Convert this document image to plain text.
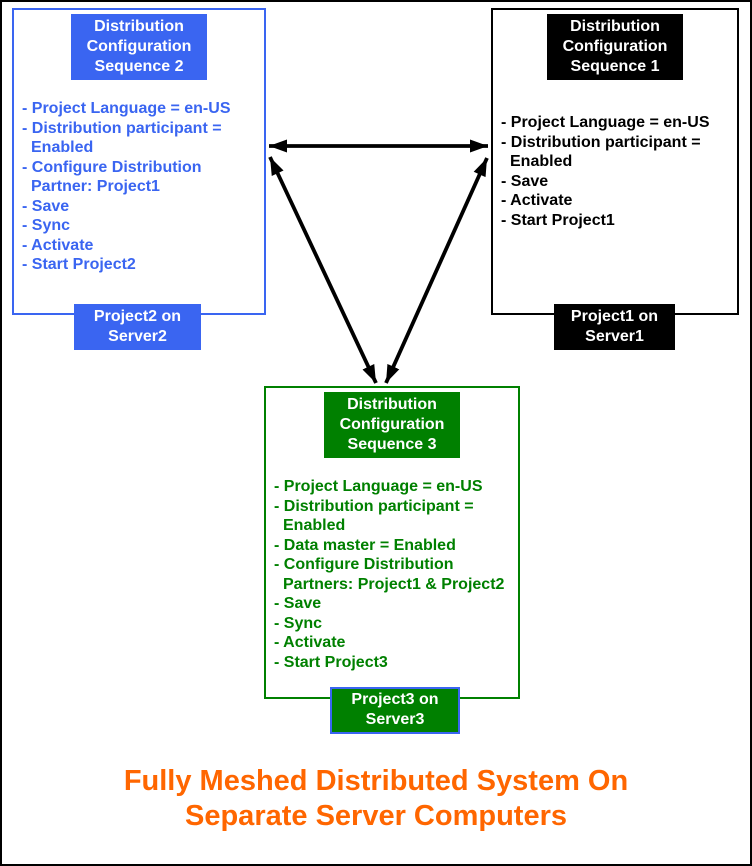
Distribution
Configuration
Sequence 2
- Project Language = en-US
- Distribution participant =
Enabled
- Configure Distribution
Partner: Project1
- Save
- Sync
- Activate
- Start Project2
Distribution
Configuration
Sequence 1
- Project Language = en-US
- Distribution participant =
Enabled
- Save
- Activate
- Start Project1
Distribution
Configuration
Sequence 3
- Project Language = en-US
- Distribution participant =
Enabled
- Data master = Enabled
- Configure Distribution
Partners: Project1 & Project2
- Save
- Sync
- Activate
- Start Project3
Project2 on
Server2
Project1 on
Server1
Project3 on
Server3
Fully Meshed Distributed System On
Separate Server Computers
